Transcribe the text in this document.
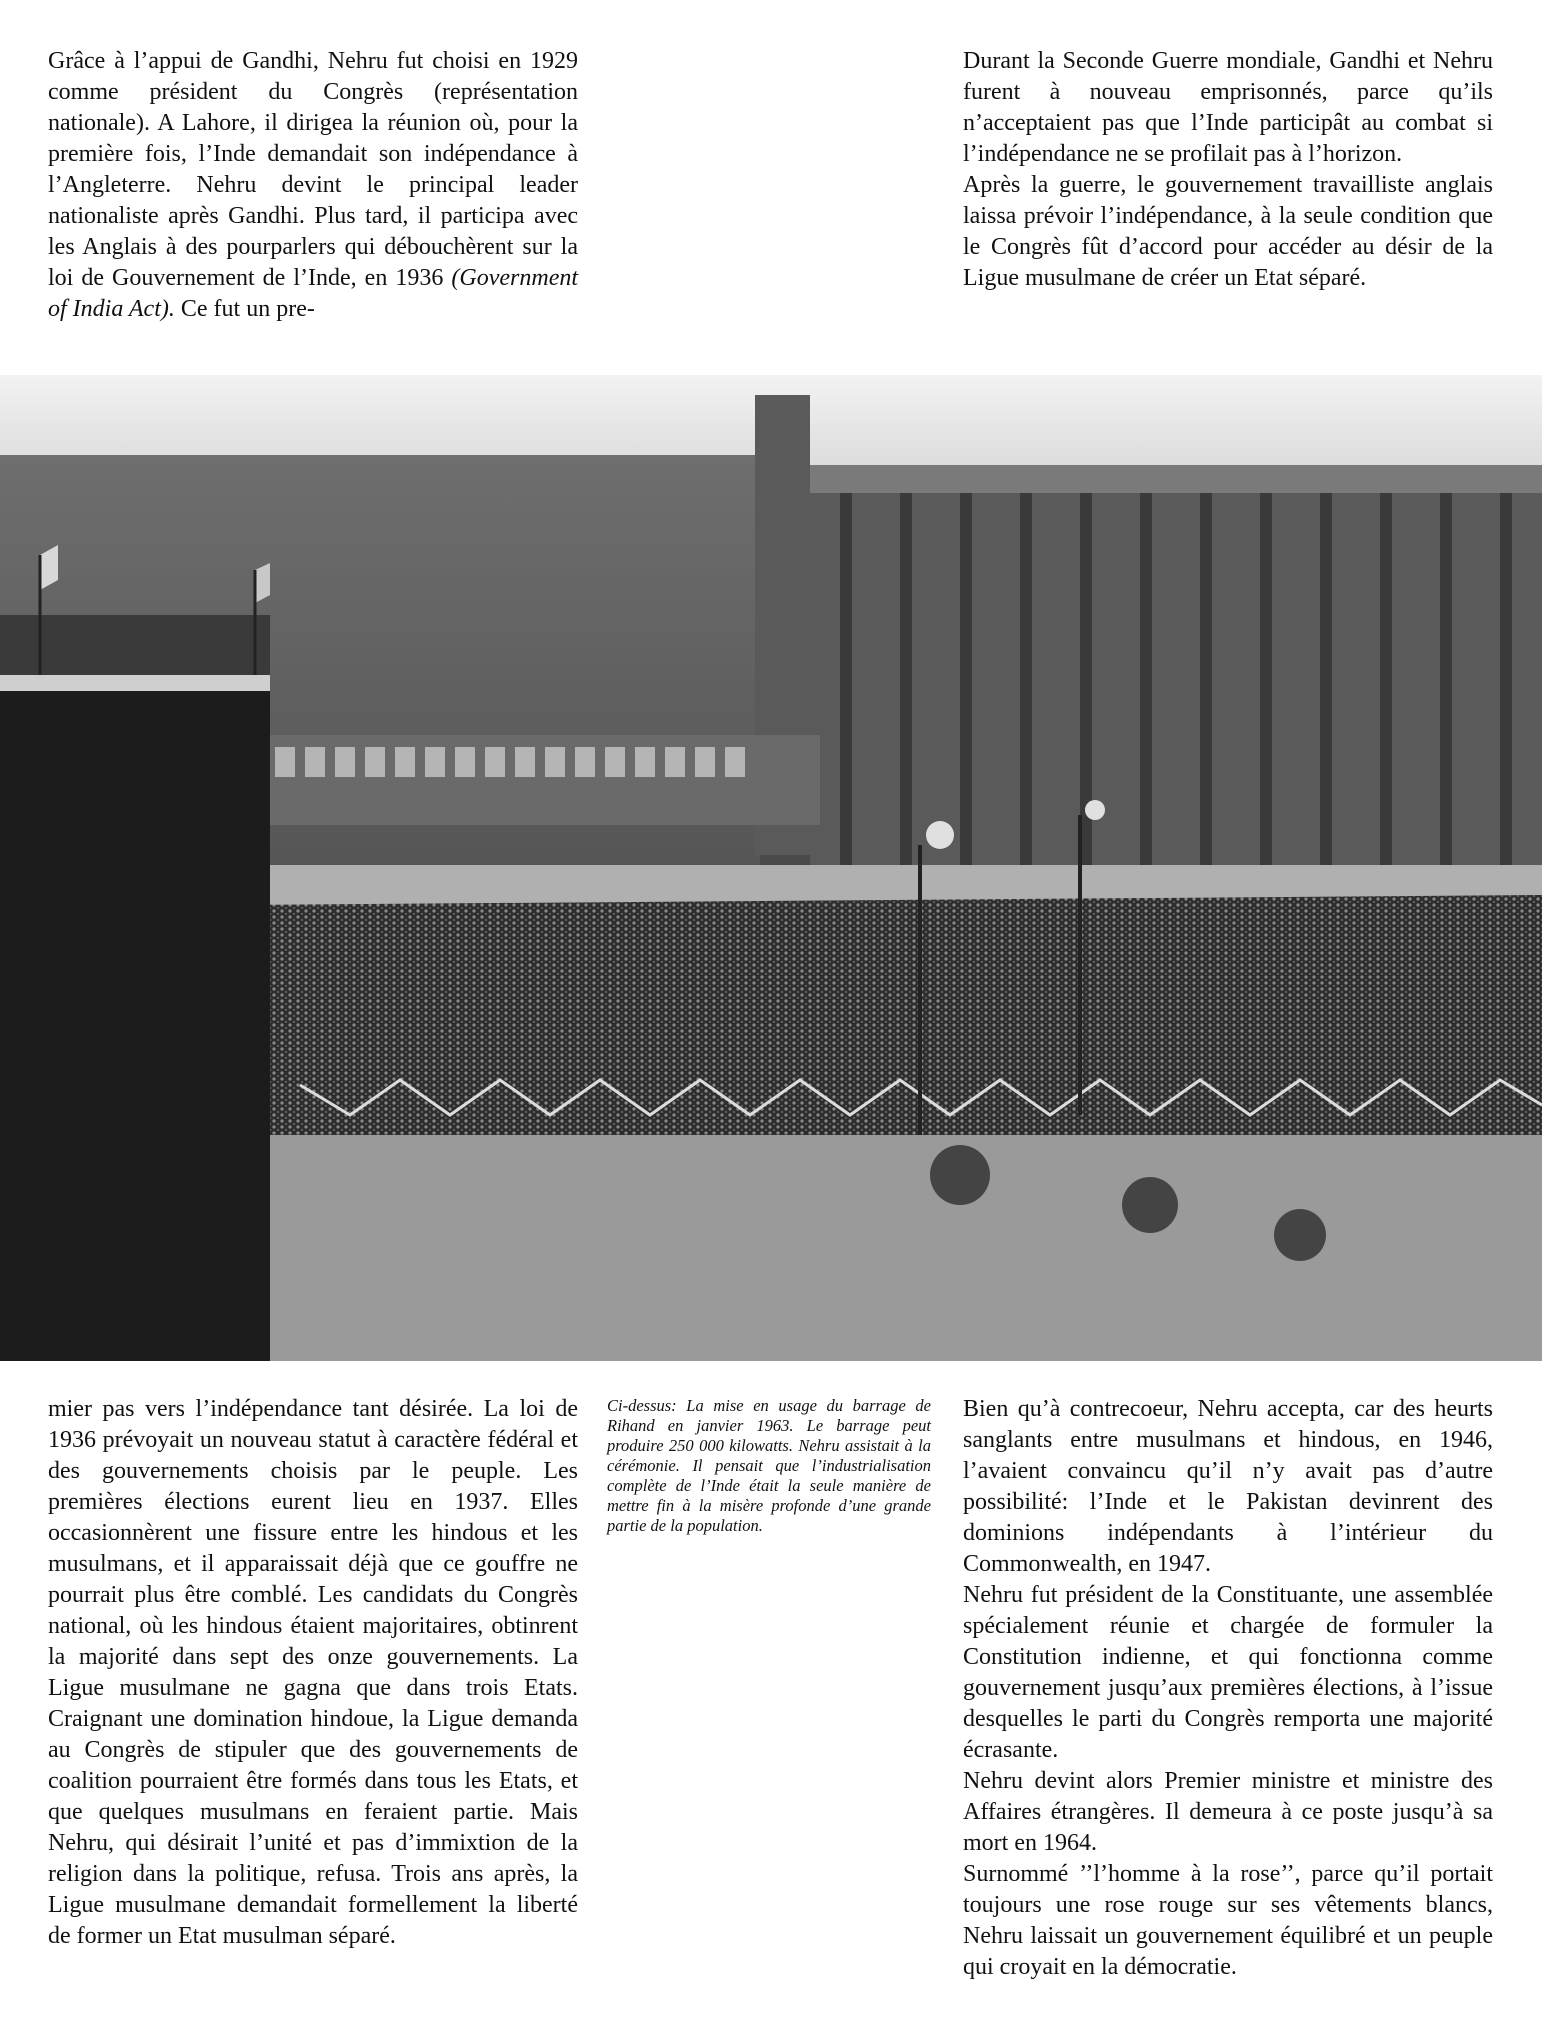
Grâce à l’appui de Gandhi, Nehru fut choisi en 1929 comme président du Congrès (représentation nationale). A Lahore, il dirigea la réunion où, pour la première fois, l’Inde demandait son indépendance à l’Angleterre. Nehru devint le principal leader nationaliste après Gandhi. Plus tard, il participa avec les Anglais à des pourparlers qui débouchèrent sur la loi de Gouvernement de l’Inde, en 1936 (Government of India Act). Ce fut un pre-

Durant la Seconde Guerre mondiale, Gandhi et Nehru furent à nouveau emprisonnés, parce qu’ils n’acceptaient pas que l’Inde participât au combat si l’indépendance ne se profilait pas à l’horizon.

Après la guerre, le gouvernement travailliste anglais laissa prévoir l’indépendance, à la seule condition que le Congrès fût d’accord pour accéder au désir de la Ligue musulmane de créer un Etat séparé.

Ci-dessus: La mise en usage du barrage de Rihand en janvier 1963. Le barrage peut produire 250 000 kilowatts. Nehru assistait à la cérémonie. Il pensait que l’industrialisation complète de l’Inde était la seule manière de mettre fin à la misère profonde d’une grande partie de la population.

mier pas vers l’indépendance tant désirée. La loi de 1936 prévoyait un nouveau statut à caractère fédéral et des gouvernements choisis par le peuple. Les premières élections eurent lieu en 1937. Elles occasionnèrent une fissure entre les hindous et les musulmans, et il apparaissait déjà que ce gouffre ne pourrait plus être comblé. Les candidats du Congrès national, où les hindous étaient majoritaires, obtinrent la majorité dans sept des onze gouvernements. La Ligue musulmane ne gagna que dans trois Etats. Craignant une domination hindoue, la Ligue demanda au Congrès de stipuler que des gouvernements de coalition pourraient être formés dans tous les Etats, et que quelques musulmans en feraient partie. Mais Nehru, qui désirait l’unité et pas d’immixtion de la religion dans la politique, refusa. Trois ans après, la Ligue musulmane demandait formellement la liberté de former un Etat musulman séparé.

Bien qu’à contrecoeur, Nehru accepta, car des heurts sanglants entre musulmans et hindous, en 1946, l’avaient convaincu qu’il n’y avait pas d’autre possibilité: l’Inde et le Pakistan devinrent des dominions indépendants à l’intérieur du Commonwealth, en 1947.

Nehru fut président de la Constituante, une assemblée spécialement réunie et chargée de formuler la Constitution indienne, et qui fonctionna comme gouvernement jusqu’aux premières élections, à l’issue desquelles le parti du Congrès remporta une majorité écrasante.

Nehru devint alors Premier ministre et ministre des Affaires étrangères. Il demeura à ce poste jusqu’à sa mort en 1964.

Surnommé ’’l’homme à la rose’’, parce qu’il portait toujours une rose rouge sur ses vêtements blancs, Nehru laissait un gouvernement équilibré et un peuple qui croyait en la démocratie.
